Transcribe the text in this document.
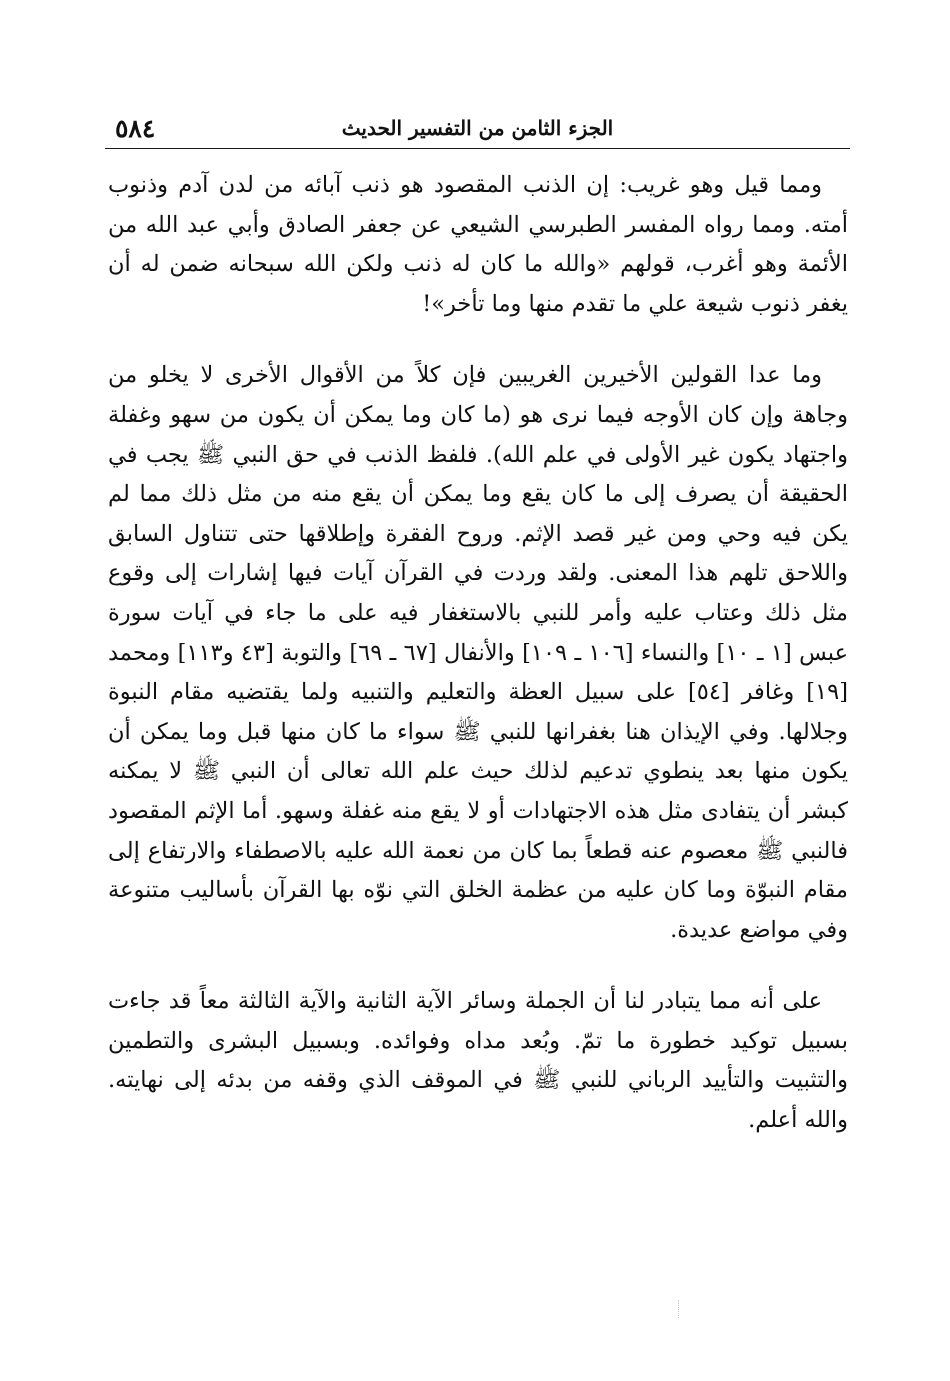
٥٨٤	الجزء الثامن من التفسير الحديث

ومما قيل وهو غريب: إن الذنب المقصود هو ذنب آبائه من لدن آدم وذنوب أمته. ومما رواه المفسر الطبرسي الشيعي عن جعفر الصادق وأبي عبد الله من الأئمة وهو أغرب، قولهم «والله ما كان له ذنب ولكن الله سبحانه ضمن له أن يغفر ذنوب شيعة علي ما تقدم منها وما تأخر»!

وما عدا القولين الأخيرين الغريبين فإن كلاً من الأقوال الأخرى لا يخلو من وجاهة وإن كان الأوجه فيما نرى هو (ما كان وما يمكن أن يكون من سهو وغفلة واجتهاد يكون غير الأولى في علم الله). فلفظ الذنب في حق النبي ﷺ يجب في الحقيقة أن يصرف إلى ما كان يقع وما يمكن أن يقع منه من مثل ذلك مما لم يكن فيه وحي ومن غير قصد الإثم. وروح الفقرة وإطلاقها حتى تتناول السابق واللاحق تلهم هذا المعنى. ولقد وردت في القرآن آيات فيها إشارات إلى وقوع مثل ذلك وعتاب عليه وأمر للنبي بالاستغفار فيه على ما جاء في آيات سورة عبس [١ ـ ١٠] والنساء [١٠٦ ـ ١٠٩] والأنفال [٦٧ ـ ٦٩] والتوبة [٤٣ و١١٣] ومحمد [١٩] وغافر [٥٤] على سبيل العظة والتعليم والتنبيه ولما يقتضيه مقام النبوة وجلالها. وفي الإيذان هنا بغفرانها للنبي ﷺ سواء ما كان منها قبل وما يمكن أن يكون منها بعد ينطوي تدعيم لذلك حيث علم الله تعالى أن النبي ﷺ لا يمكنه كبشر أن يتفادى مثل هذه الاجتهادات أو لا يقع منه غفلة وسهو. أما الإثم المقصود فالنبي ﷺ معصوم عنه قطعاً بما كان من نعمة الله عليه بالاصطفاء والارتفاع إلى مقام النبوّة وما كان عليه من عظمة الخلق التي نوّه بها القرآن بأساليب متنوعة وفي مواضع عديدة.

على أنه مما يتبادر لنا أن الجملة وسائر الآية الثانية والآية الثالثة معاً قد جاءت بسبيل توكيد خطورة ما تمّ. وبُعد مداه وفوائده. وبسبيل البشرى والتطمين والتثبيت والتأييد الرباني للنبي ﷺ في الموقف الذي وقفه من بدئه إلى نهايته. والله أعلم.
